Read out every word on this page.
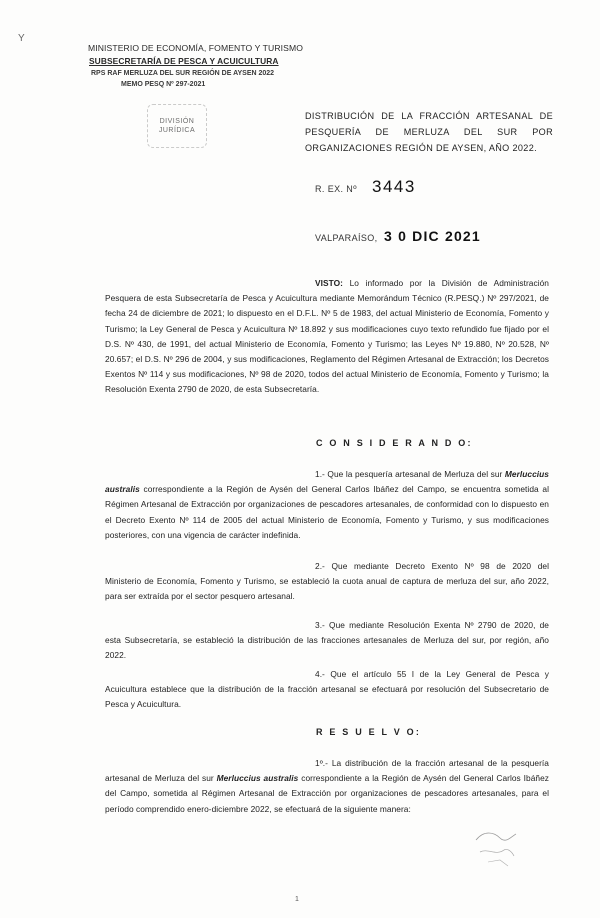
Y
MINISTERIO DE ECONOMÍA, FOMENTO Y TURISMO
SUBSECRETARÍA DE PESCA Y ACUICULTURA
RPS RAF MERLUZA DEL SUR REGIÓN DE AYSEN 2022
MEMO PESQ Nº 297-2021
DIVISIÓN
JURÍDICA
DISTRIBUCIÓN DE LA FRACCIÓN ARTESANAL DE PESQUERÍA DE MERLUZA DEL SUR POR ORGANIZACIONES REGIÓN DE AYSEN, AÑO 2022.
R. EX. Nº 3443
VALPARAÍSO, 3 0 DIC 2021
VISTO: Lo informado por la División de Administración Pesquera de esta Subsecretaría de Pesca y Acuicultura mediante Memorándum Técnico (R.PESQ.) Nº 297/2021, de fecha 24 de diciembre de 2021; lo dispuesto en el D.F.L. Nº 5 de 1983, del actual Ministerio de Economía, Fomento y Turismo; la Ley General de Pesca y Acuicultura Nº 18.892 y sus modificaciones cuyo texto refundido fue fijado por el D.S. Nº 430, de 1991, del actual Ministerio de Economía, Fomento y Turismo; las Leyes Nº 19.880, Nº 20.528, Nº 20.657; el D.S. Nº 296 de 2004, y sus modificaciones, Reglamento del Régimen Artesanal de Extracción; los Decretos Exentos Nº 114 y sus modificaciones, Nº 98 de 2020, todos del actual Ministerio de Economía, Fomento y Turismo; la Resolución Exenta 2790 de 2020, de esta Subsecretaría.
C O N S I D E R A N D O:
1.- Que la pesquería artesanal de Merluza del sur Merluccius australis correspondiente a la Región de Aysén del General Carlos Ibáñez del Campo, se encuentra sometida al Régimen Artesanal de Extracción por organizaciones de pescadores artesanales, de conformidad con lo dispuesto en el Decreto Exento Nº 114 de 2005 del actual Ministerio de Economía, Fomento y Turismo, y sus modificaciones posteriores, con una vigencia de carácter indefinida.
2.- Que mediante Decreto Exento Nº 98 de 2020 del Ministerio de Economía, Fomento y Turismo, se estableció la cuota anual de captura de merluza del sur, año 2022, para ser extraída por el sector pesquero artesanal.
3.- Que mediante Resolución Exenta Nº 2790 de 2020, de esta Subsecretaría, se estableció la distribución de las fracciones artesanales de Merluza del sur, por región, año 2022.
4.- Que el artículo 55 I de la Ley General de Pesca y Acuicultura establece que la distribución de la fracción artesanal se efectuará por resolución del Subsecretario de Pesca y Acuicultura.
R E S U E L V O:
1º.- La distribución de la fracción artesanal de la pesquería artesanal de Merluza del sur Merluccius australis correspondiente a la Región de Aysén del General Carlos Ibáñez del Campo, sometida al Régimen Artesanal de Extracción por organizaciones de pescadores artesanales, para el período comprendido enero-diciembre 2022, se efectuará de la siguiente manera:
1
